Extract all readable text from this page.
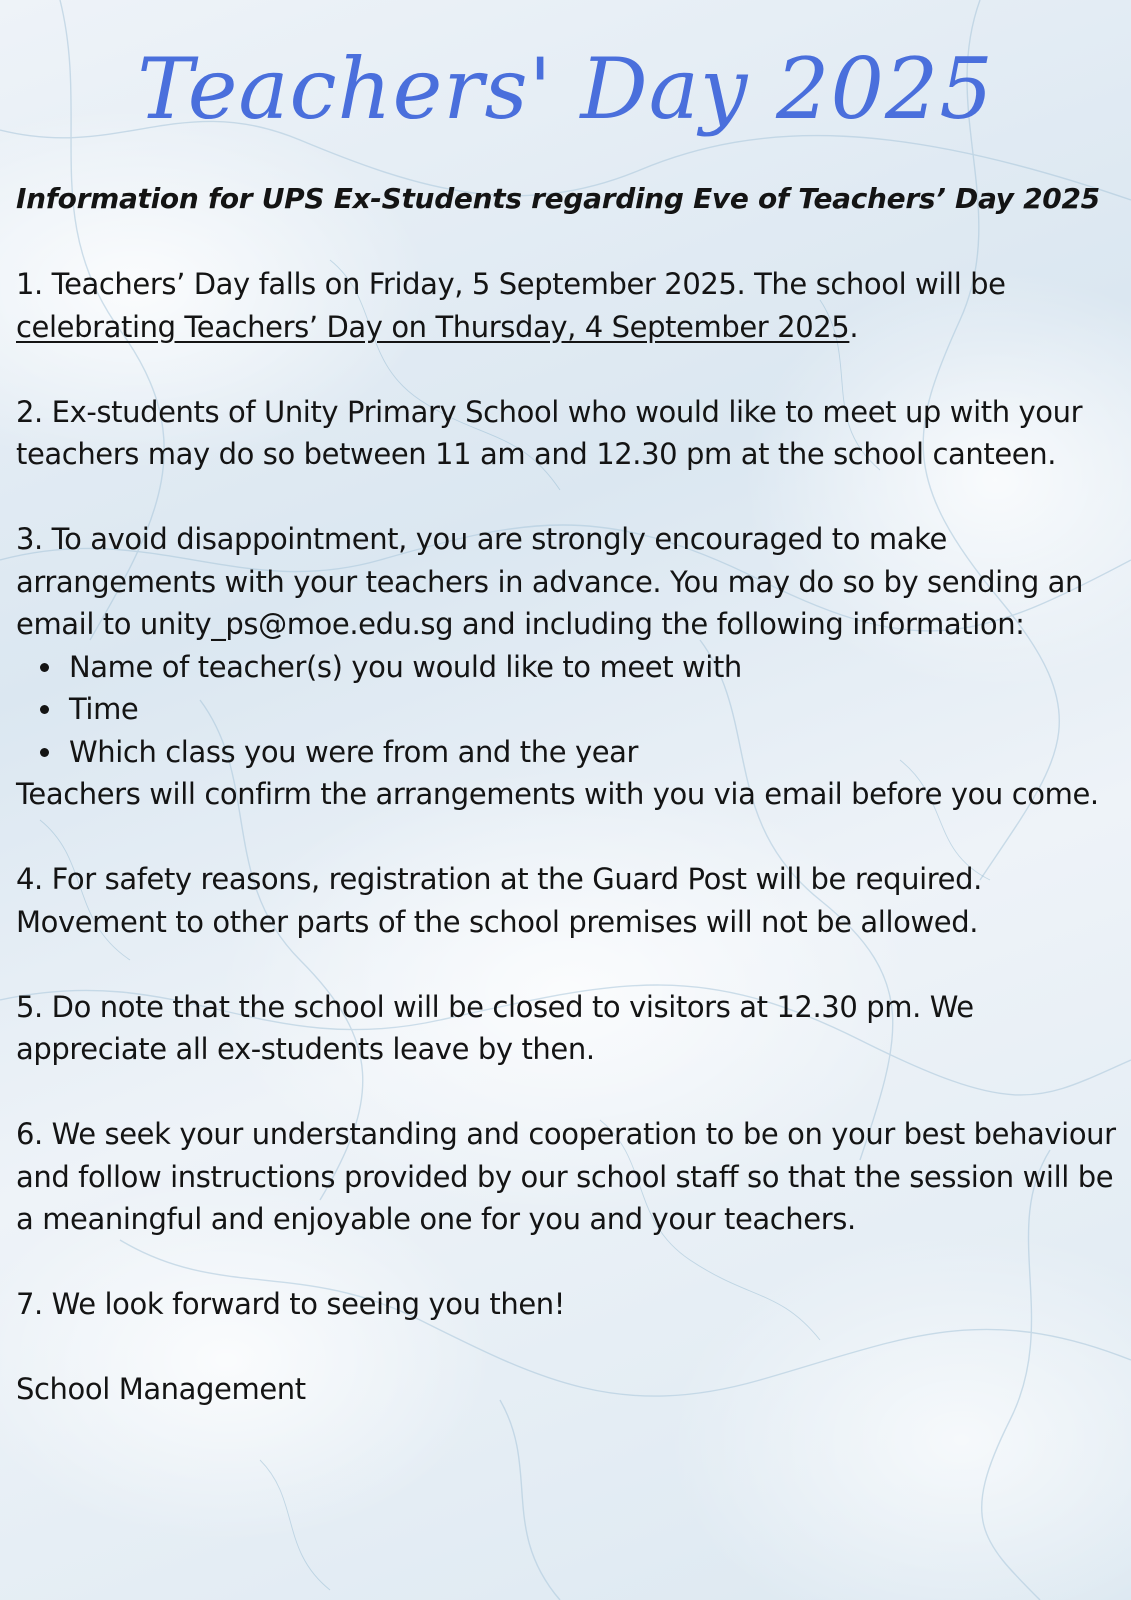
Teachers' Day 2025

Information for UPS Ex-Students regarding Eve of Teachers’ Day 2025

1. Teachers’ Day falls on Friday, 5 September 2025. The school will be celebrating Teachers’ Day on Thursday, 4 September 2025.

2. Ex-students of Unity Primary School who would like to meet up with your teachers may do so between 11 am and 12.30 pm at the school canteen.

3. To avoid disappointment, you are strongly encouraged to make arrangements with your teachers in advance. You may do so by sending an email to unity_ps@moe.edu.sg and including the following information:

Name of teacher(s) you would like to meet with
Time
Which class you were from and the year

Teachers will confirm the arrangements with you via email before you come.

4. For safety reasons, registration at the Guard Post will be required. Movement to other parts of the school premises will not be allowed.

5. Do note that the school will be closed to visitors at 12.30 pm. We appreciate all ex-students leave by then.

6. We seek your understanding and cooperation to be on your best behaviour and follow instructions provided by our school staff so that the session will be a meaningful and enjoyable one for you and your teachers.

7. We look forward to seeing you then!

School Management
